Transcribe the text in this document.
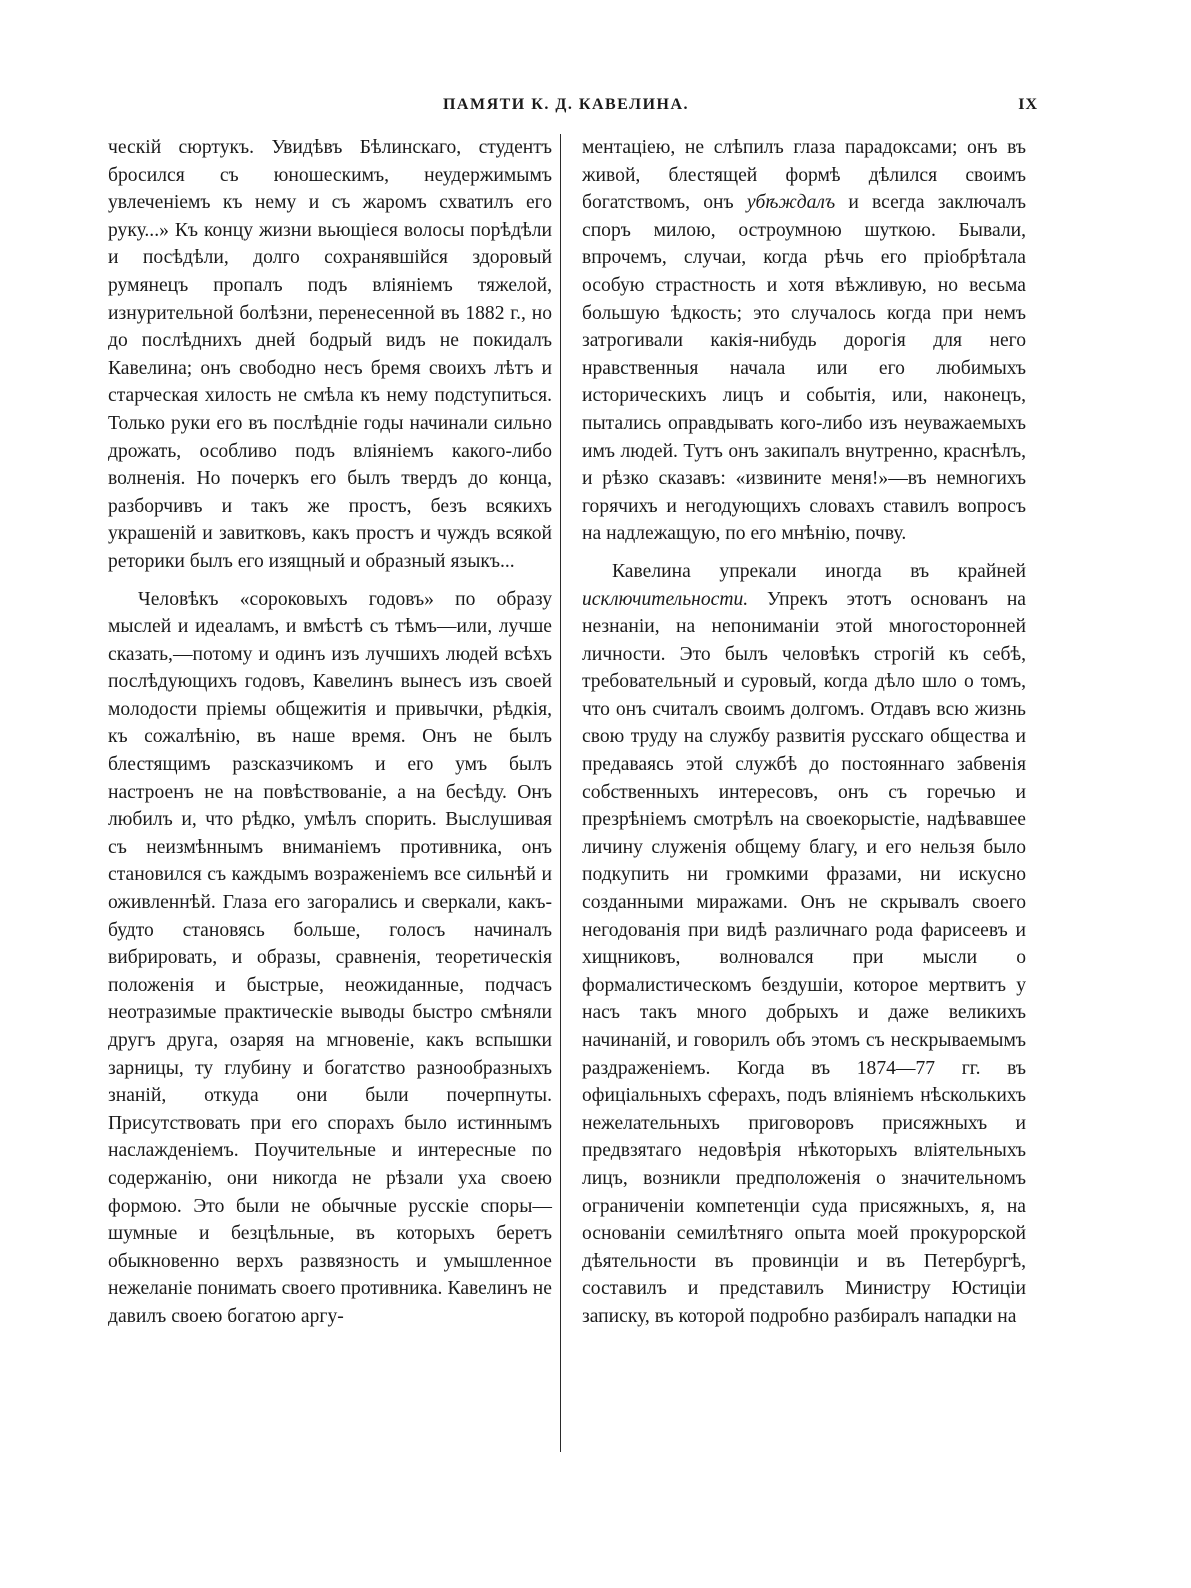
ПАМЯТИ К. Д. КАВЕЛИНА.	IX

ческій сюртукъ. Увидѣвъ Бѣлинскаго, студентъ бросился съ юношескимъ, неудержимымъ увлеченіемъ къ нему и съ жаромъ схватилъ его руку...» Къ концу жизни вьющіеся волосы порѣдѣли и посѣдѣли, долго сохранявшійся здоровый румянецъ пропалъ подъ вліяніемъ тяжелой, изнурительной болѣзни, перенесенной въ 1882 г., но до послѣднихъ дней бодрый видъ не покидалъ Кавелина; онъ свободно несъ бремя своихъ лѣтъ и старческая хилость не смѣла къ нему подступиться. Только руки его въ послѣдніе годы начинали сильно дрожать, особливо подъ вліяніемъ какого-либо волненія. Но почеркъ его былъ твердъ до конца, разборчивъ и такъ же простъ, безъ всякихъ украшеній и завитковъ, какъ простъ и чуждъ всякой реторики былъ его изящный и образный языкъ...

Человѣкъ «сороковыхъ годовъ» по образу мыслей и идеаламъ, и вмѣстѣ съ тѣмъ—или, лучше сказать,—потому и одинъ изъ лучшихъ людей всѣхъ послѣдующихъ годовъ, Кавелинъ вынесъ изъ своей молодости пріемы общежитія и привычки, рѣдкія, къ сожалѣнію, въ наше время. Онъ не былъ блестящимъ разсказчикомъ и его умъ былъ настроенъ не на повѣствованіе, а на бесѣду. Онъ любилъ и, что рѣдко, умѣлъ спорить. Выслушивая съ неизмѣннымъ вниманіемъ противника, онъ становился съ каждымъ возраженіемъ все сильнѣй и оживленнѣй. Глаза его загорались и сверкали, какъ-будто становясь больше, голосъ начиналъ вибрировать, и образы, сравненія, теоретическія положенія и быстрые, неожиданные, подчасъ неотразимые практическіе выводы быстро смѣняли другъ друга, озаряя на мгновеніе, какъ вспышки зарницы, ту глубину и богатство разнообразныхъ знаній, откуда они были почерпнуты. Присутствовать при его спорахъ было истиннымъ наслажденіемъ. Поучительные и интересные по содержанію, они никогда не рѣзали уха своею формою. Это были не обычные русскіе споры—шумные и безцѣльные, въ которыхъ беретъ обыкновенно верхъ развязность и умышленное нежеланіе понимать своего противника. Кавелинъ не давилъ своею богатою аргу-

ментаціею, не слѣпилъ глаза парадоксами; онъ въ живой, блестящей формѣ дѣлился своимъ богатствомъ, онъ убѣждалъ и всегда заключалъ споръ милою, остроумною шуткою. Бывали, впрочемъ, случаи, когда рѣчь его пріобрѣтала особую страстность и хотя вѣжливую, но весьма большую ѣдкость; это случалось когда при немъ затрогивали какія-нибудь дорогія для него нравственныя начала или его любимыхъ историческихъ лицъ и событія, или, наконецъ, пытались оправдывать кого-либо изъ неуважаемыхъ имъ людей. Тутъ онъ закипалъ внутренно, краснѣлъ, и рѣзко сказавъ: «извините меня!»—въ немногихъ горячихъ и негодующихъ словахъ ставилъ вопросъ на надлежащую, по его мнѣнію, почву.

Кавелина упрекали иногда въ крайней исключительности. Упрекъ этотъ основанъ на незнаніи, на непониманіи этой многосторонней личности. Это былъ человѣкъ строгій къ себѣ, требовательный и суровый, когда дѣло шло о томъ, что онъ считалъ своимъ долгомъ. Отдавъ всю жизнь свою труду на службу развитія русскаго общества и предаваясь этой службѣ до постояннаго забвенія собственныхъ интересовъ, онъ съ горечью и презрѣніемъ смотрѣлъ на своекорыстіе, надѣвавшее личину служенія общему благу, и его нельзя было подкупить ни громкими фразами, ни искусно созданными миражами. Онъ не скрывалъ своего негодованія при видѣ различнаго рода фарисеевъ и хищниковъ, волновался при мысли о формалистическомъ бездушіи, которое мертвитъ у насъ такъ много добрыхъ и даже великихъ начинаній, и говорилъ объ этомъ съ нескрываемымъ раздраженіемъ. Когда въ 1874—77 гг. въ офиціальныхъ сферахъ, подъ вліяніемъ нѣсколькихъ нежелательныхъ приговоровъ присяжныхъ и предвзятаго недовѣрія нѣкоторыхъ вліятельныхъ лицъ, возникли предположенія о значительномъ ограниченіи компетенціи суда присяжныхъ, я, на основаніи семилѣтняго опыта моей прокурорской дѣятельности въ провинціи и въ Петербургѣ, составилъ и представилъ Министру Юстиціи записку, въ которой подробно разбиралъ нападки на
